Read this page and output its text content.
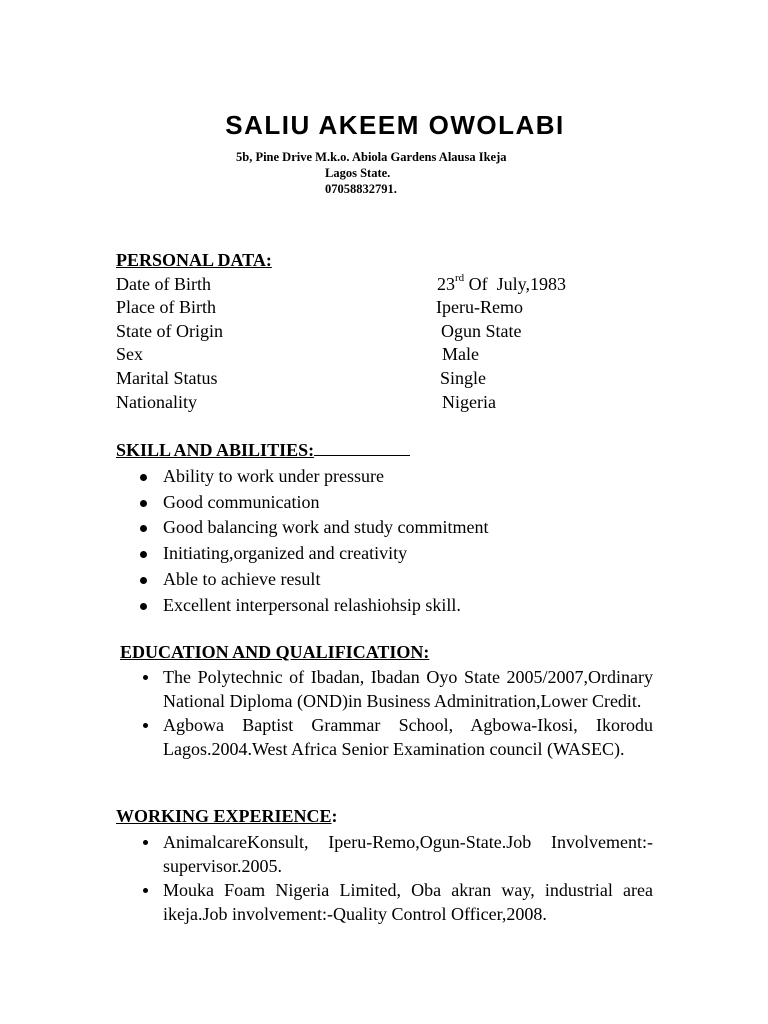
SALIU AKEEM OWOLABI
5b, Pine Drive M.k.o. Abiola Gardens Alausa Ikeja
Lagos State.
07058832791.
PERSONAL DATA:
Date of Birth	23rd Of  July,1983
Place of Birth	Iperu-Remo
State of Origin	Ogun State
Sex	Male
Marital Status	Single
Nationality	Nigeria
SKILL AND ABILITIES:
Ability to work under pressure
Good communication
Good balancing work and study commitment
Initiating,organized and creativity
Able to achieve result
Excellent interpersonal relashiohsip skill.
EDUCATION AND QUALIFICATION:
The Polytechnic of Ibadan, Ibadan Oyo State 2005/2007,Ordinary National Diploma (OND)in Business Adminitration,Lower Credit.
Agbowa Baptist Grammar School, Agbowa-Ikosi, Ikorodu Lagos.2004.West Africa Senior Examination council (WASEC).
WORKING EXPERIENCE:
AnimalcareKonsult, Iperu-Remo,Ogun-State.Job Involvement:-supervisor.2005.
Mouka Foam Nigeria Limited, Oba akran way, industrial area ikeja.Job involvement:-Quality Control Officer,2008.
